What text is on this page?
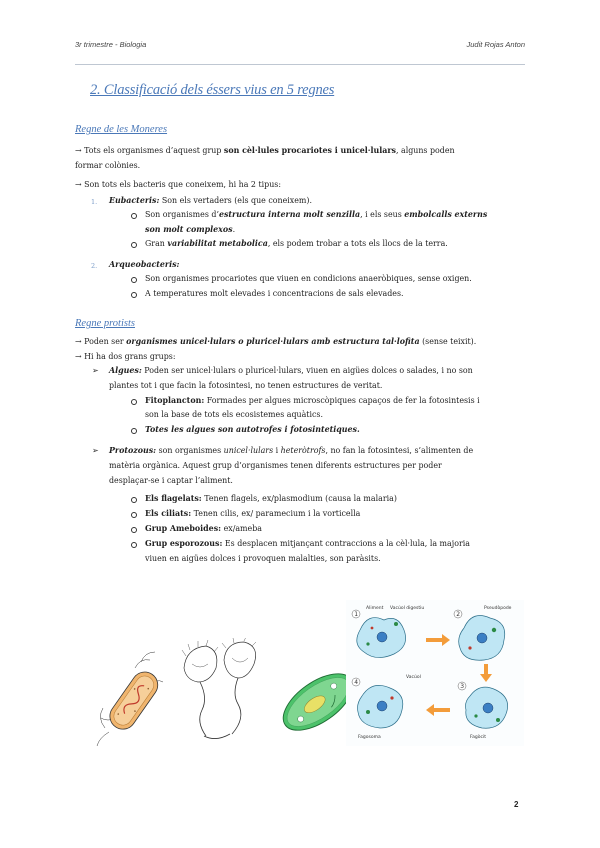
3r trimestre - Biologia	Judit Rojas Anton
2. Classificació dels éssers vius en 5 regnes
Regne de les Moneres
→ Tots els organismes d’aquest grup son cèl·lules procariotes i unicel·lulars, alguns poden
formar colònies.
→ Son tots els bacteris que coneixem, hi ha 2 tipus:
1. Eubacteris: Son els vertaders (els que coneixem).
Son organismes d’estructura interna molt senzilla, i els seus embolcalls externs
son molt complexos.
Gran variabilitat metabolica, els podem trobar a tots els llocs de la terra.
2. Arqueobacteris:
Son organismes procariotes que viuen en condicions anaeròbiques, sense oxigen.
A temperatures molt elevades i concentracions de sals elevades.
Regne protists
→ Poden ser organismes unicel·lulars o pluricel·lulars amb estructura tal·lofita (sense teixit).
→ Hi ha dos grans grups:
➢ Algues: Poden ser unicel·lulars o pluricel·lulars, viuen en aigües dolces o salades, i no son
plantes tot i que facin la fotosintesi, no tenen estructures de veritat.
Fitoplancton: Formades per algues microscòpiques capaços de fer la fotosintesis i
son la base de tots els ecosistemes aquàtics.
Totes les algues son autotrofes i fotosintetiques.
➢ Protozous: son organismes unicel·lulars i heteròtrofs, no fan la fotosintesi, s’alimenten de
matèria orgànica. Aquest grup d’organismes tenen diferents estructures per poder
desplaçar-se i captar l’aliment.
Els flagelats: Tenen flagels, ex/plasmodium (causa la malaria)
Els ciliats: Tenen cilis, ex/ paramecium i la vorticella
Grup Ameboides: ex/ameba
Grup esporozous: Es desplacen mitjançant contraccions a la cèl·lula, la majoria
viuen en aigües dolces i provoquen malalties, son paràsits.
1	2
3
4
Aliment Vacúol digestiu	Pseudòpode
Vacúol
Fagosoma	Fagòcit
2
